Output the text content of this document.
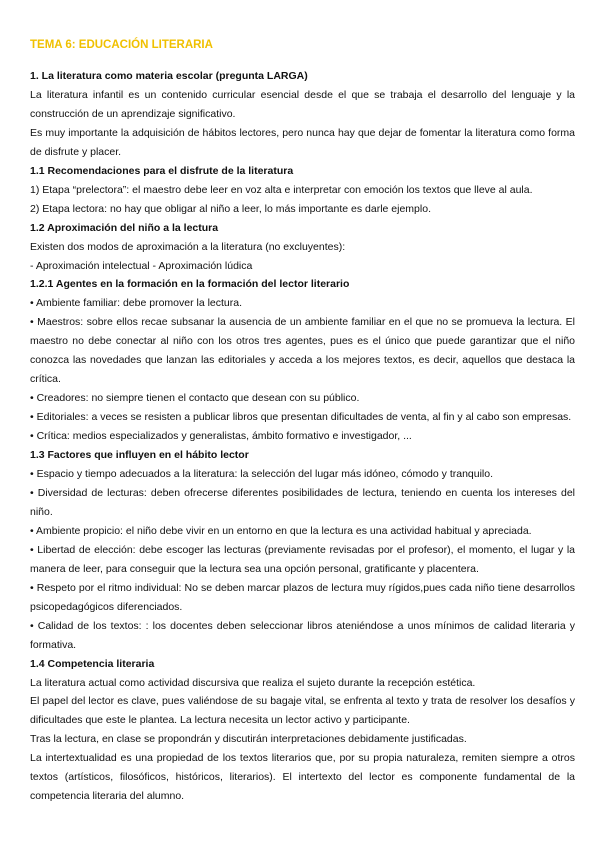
TEMA 6: EDUCACIÓN LITERARIA

1. La literatura como materia escolar (pregunta LARGA)

La literatura infantil es un contenido curricular esencial desde el que se trabaja el desarrollo del lenguaje y la construcción de un aprendizaje significativo.

Es muy importante la adquisición de hábitos lectores, pero nunca hay que dejar de fomentar la literatura como forma de disfrute y placer.

1.1 Recomendaciones para el disfrute de la literatura

1) Etapa “prelectora”: el maestro debe leer en voz alta e interpretar con emoción los textos que lleve al aula.

2) Etapa lectora: no hay que obligar al niño a leer, lo más importante es darle ejemplo.

1.2 Aproximación del niño a la lectura

Existen dos modos de aproximación a la literatura (no excluyentes):

- Aproximación intelectual - Aproximación lúdica

1.2.1 Agentes en la formación en la formación del lector literario

• Ambiente familiar: debe promover la lectura.

• Maestros: sobre ellos recae subsanar la ausencia de un ambiente familiar en el que no se promueva la lectura. El maestro no debe conectar al niño con los otros tres agentes, pues es el único que puede garantizar que el niño conozca las novedades que lanzan las editoriales y acceda a los mejores textos, es decir, aquellos que destaca la crítica.

• Creadores: no siempre tienen el contacto que desean con su público.

• Editoriales: a veces se resisten a publicar libros que presentan dificultades de venta, al fin y al cabo son empresas.

• Crítica: medios especializados y generalistas, ámbito formativo e investigador, ...

1.3 Factores que influyen en el hábito lector

• Espacio y tiempo adecuados a la literatura: la selección del lugar más idóneo, cómodo y tranquilo.

• Diversidad de lecturas: deben ofrecerse diferentes posibilidades de lectura, teniendo en cuenta los intereses del niño.

• Ambiente propicio: el niño debe vivir en un entorno en que la lectura es una actividad habitual y apreciada.

• Libertad de elección: debe escoger las lecturas (previamente revisadas por el profesor), el momento, el lugar y la manera de leer, para conseguir que la lectura sea una opción personal, gratificante y placentera.

• Respeto por el ritmo individual: No se deben marcar plazos de lectura muy rígidos,pues cada niño tiene desarrollos psicopedagógicos diferenciados.

• Calidad de los textos: : los docentes deben seleccionar libros ateniéndose a unos mínimos de calidad literaria y formativa.

1.4 Competencia literaria

La literatura actual como actividad discursiva que realiza el sujeto durante la recepción estética.

El papel del lector es clave, pues valiéndose de su bagaje vital, se enfrenta al texto y trata de resolver los desafíos y dificultades que este le plantea. La lectura necesita un lector activo y participante.

Tras la lectura, en clase se propondrán y discutirán interpretaciones debidamente justificadas.

La intertextualidad es una propiedad de los textos literarios que, por su propia naturaleza, remiten siempre a otros textos (artísticos, filosóficos, históricos, literarios). El intertexto del lector es componente fundamental de la competencia literaria del alumno.
